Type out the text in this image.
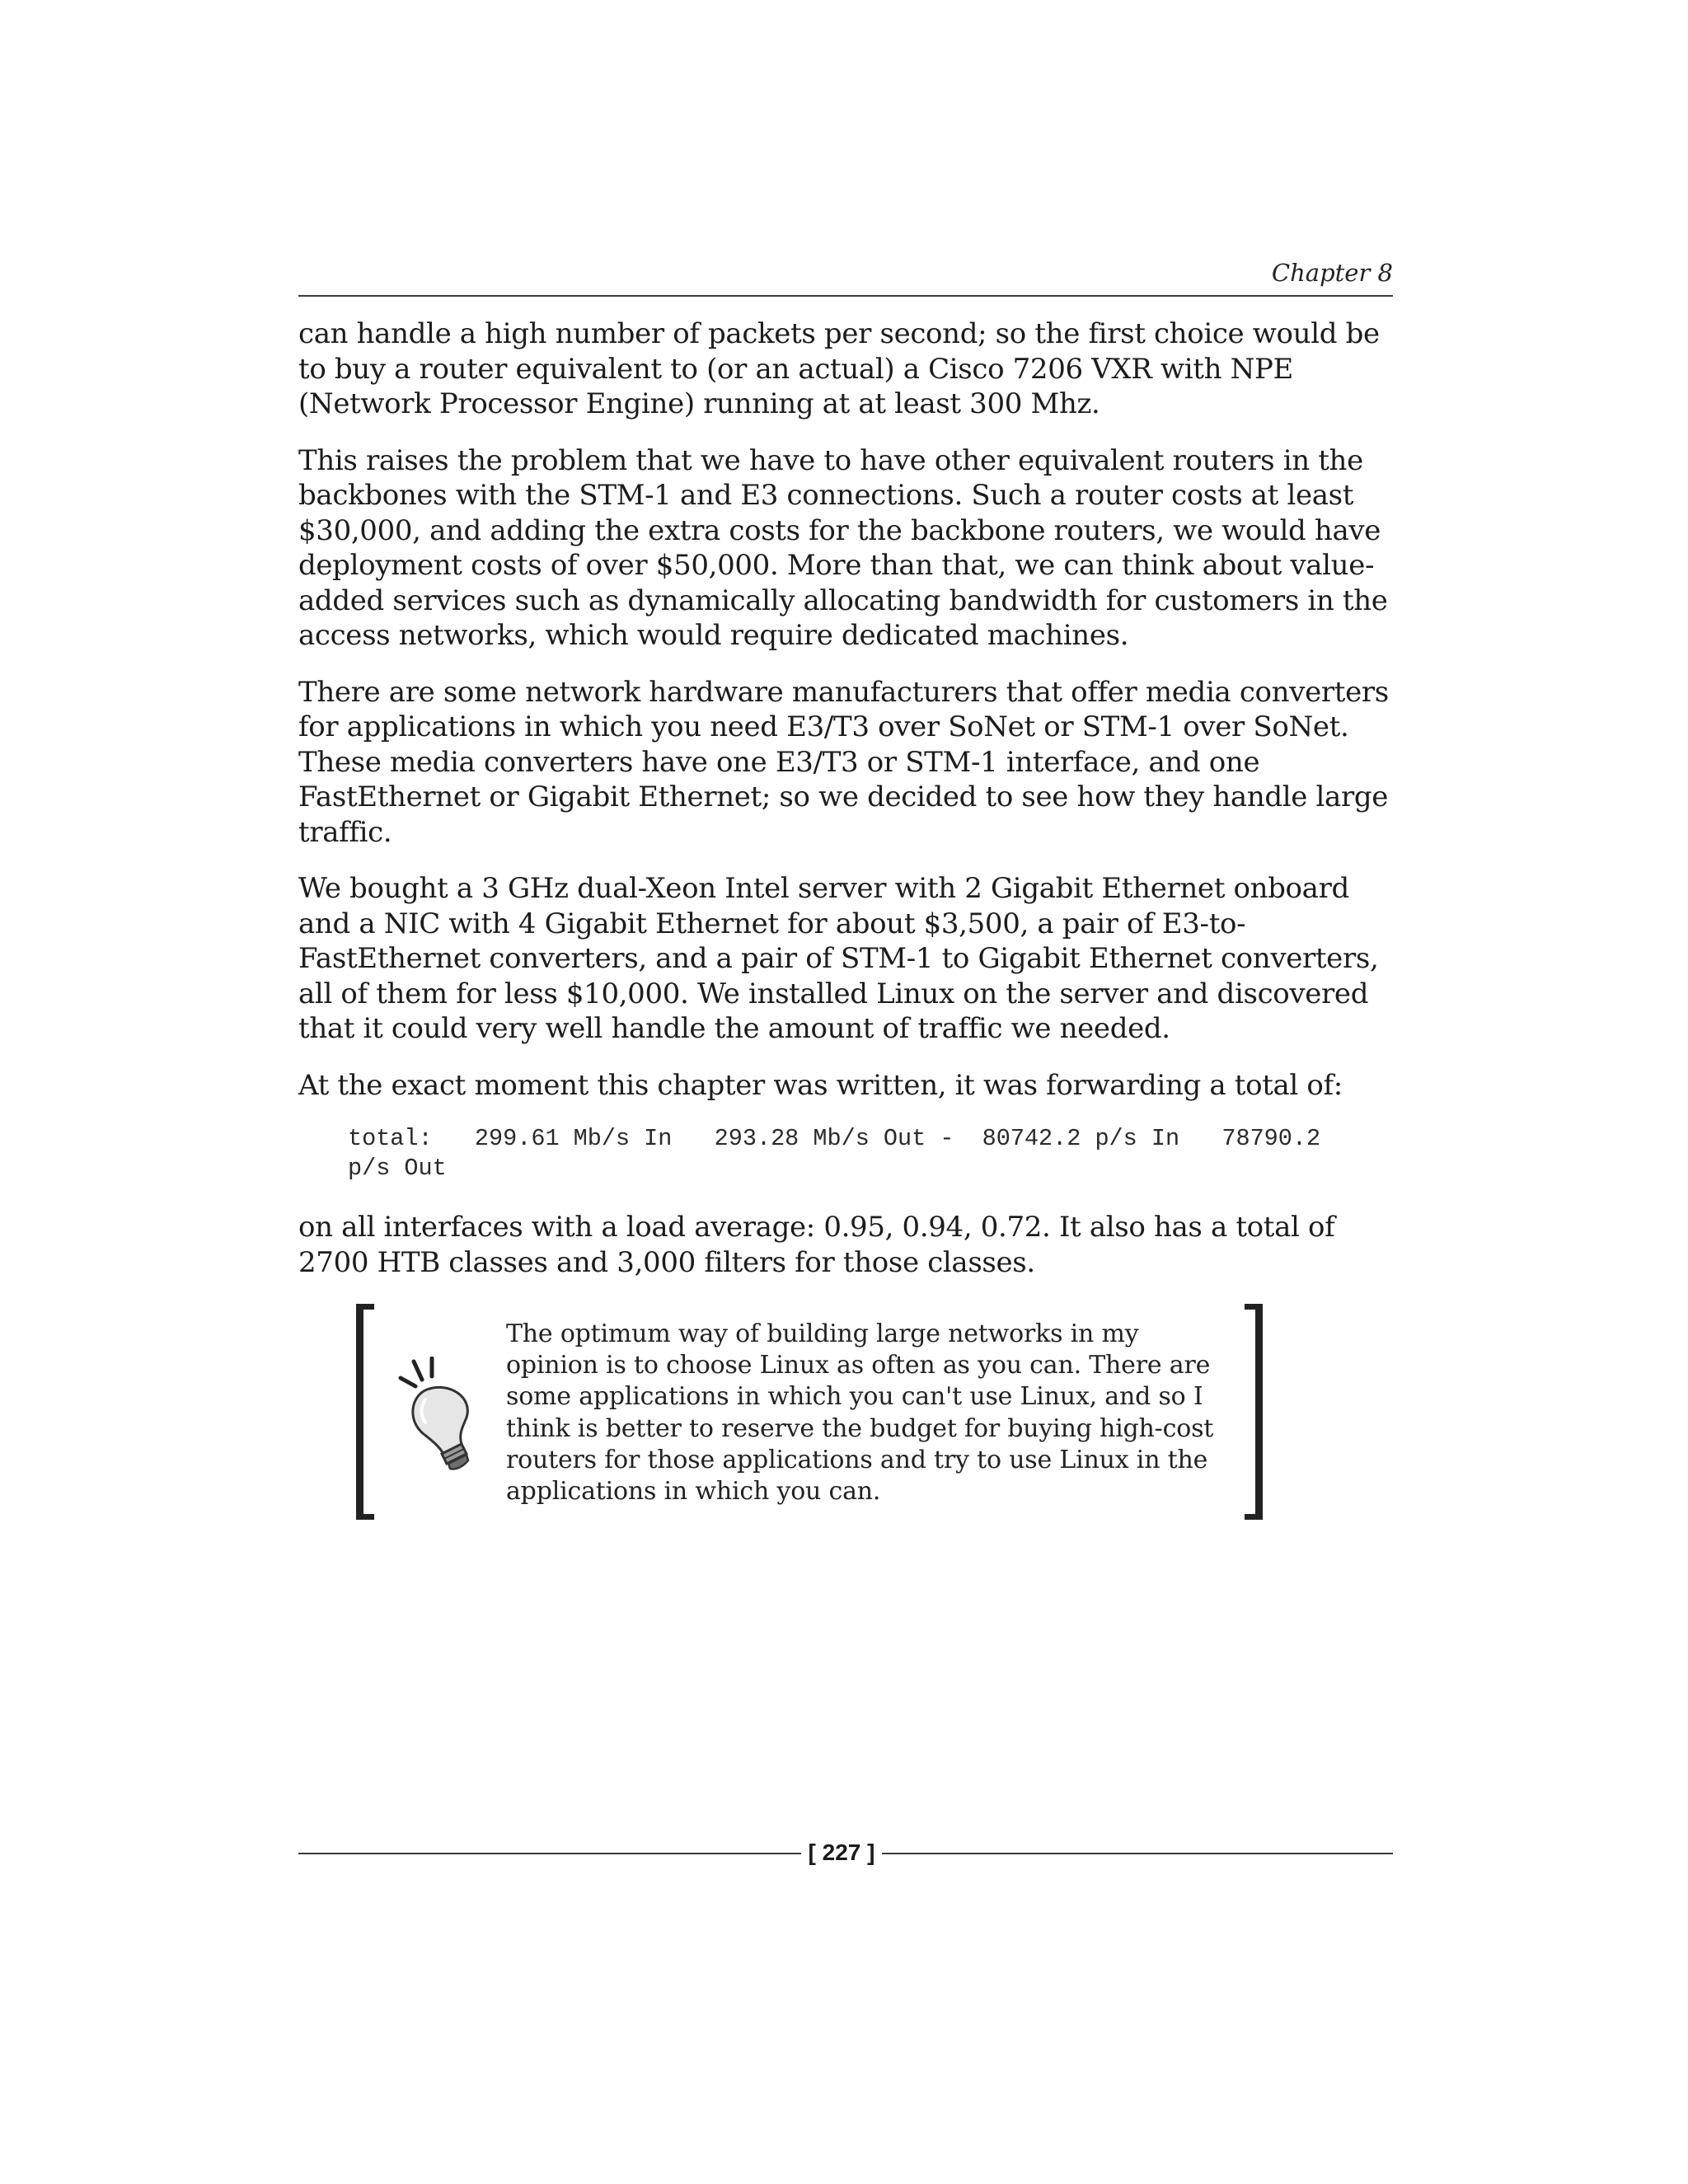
Chapter 8

can handle a high number of packets per second; so the first choice would be to buy a router equivalent to (or an actual) a Cisco 7206 VXR with NPE (Network Processor Engine) running at at least 300 Mhz.

This raises the problem that we have to have other equivalent routers in the backbones with the STM-1 and E3 connections. Such a router costs at least $30,000, and adding the extra costs for the backbone routers, we would have deployment costs of over $50,000. More than that, we can think about value-added services such as dynamically allocating bandwidth for customers in the access networks, which would require dedicated machines.

There are some network hardware manufacturers that offer media converters for applications in which you need E3/T3 over SoNet or STM-1 over SoNet. These media converters have one E3/T3 or STM-1 interface, and one FastEthernet or Gigabit Ethernet; so we decided to see how they handle large traffic.

We bought a 3 GHz dual-Xeon Intel server with 2 Gigabit Ethernet onboard and a NIC with 4 Gigabit Ethernet for about $3,500, a pair of E3-to-FastEthernet converters, and a pair of STM-1 to Gigabit Ethernet converters, all of them for less $10,000. We installed Linux on the server and discovered that it could very well handle the amount of traffic we needed.

At the exact moment this chapter was written, it was forwarding a total of:

total:   299.61 Mb/s In   293.28 Mb/s Out -  80742.2 p/s In   78790.2
p/s Out

on all interfaces with a load average: 0.95, 0.94, 0.72. It also has a total of 2700 HTB classes and 3,000 filters for those classes.

The optimum way of building large networks in my opinion is to choose Linux as often as you can. There are some applications in which you can't use Linux, and so I think is better to reserve the budget for buying high-cost routers for those applications and try to use Linux in the applications in which you can.
[ 227 ]
